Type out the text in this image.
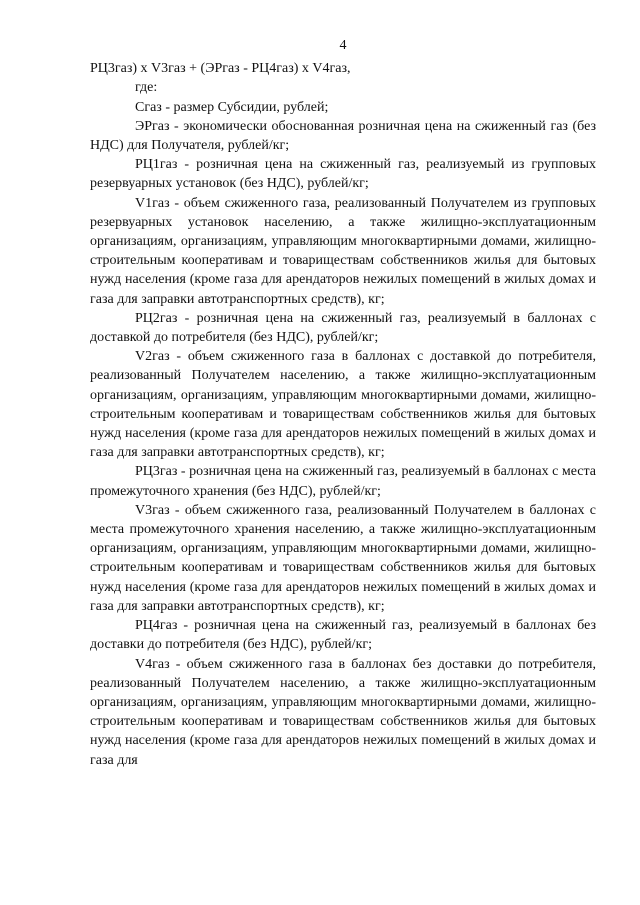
4

РЦ3газ) х V3газ + (ЭРгаз - РЦ4газ) х V4газ,

где:

Сгаз - размер Субсидии, рублей;

ЭРгаз - экономически обоснованная розничная цена на сжиженный газ (без НДС) для Получателя, рублей/кг;

РЦ1газ - розничная цена на сжиженный газ, реализуемый из групповых резервуарных установок (без НДС), рублей/кг;

V1газ - объем сжиженного газа, реализованный Получателем из групповых резервуарных установок населению, а также жилищно-эксплуатационным организациям, организациям, управляющим многоквартирными домами, жилищно-строительным кооперативам и товариществам собственников жилья для бытовых нужд населения (кроме газа для арендаторов нежилых помещений в жилых домах и газа для заправки автотранспортных средств), кг;

РЦ2газ - розничная цена на сжиженный газ, реализуемый в баллонах с доставкой до потребителя (без НДС), рублей/кг;

V2газ - объем сжиженного газа в баллонах с доставкой до потребителя, реализованный Получателем населению, а также жилищно-эксплуатационным организациям, организациям, управляющим многоквартирными домами, жилищно-строительным кооперативам и товариществам собственников жилья для бытовых нужд населения (кроме газа для арендаторов нежилых помещений в жилых домах и газа для заправки автотранспортных средств), кг;

РЦ3газ - розничная цена на сжиженный газ, реализуемый в баллонах с места промежуточного хранения (без НДС), рублей/кг;

V3газ - объем сжиженного газа, реализованный Получателем в баллонах с места промежуточного хранения населению, а также жилищно-эксплуатационным организациям, организациям, управляющим многоквартирными домами, жилищно-строительным кооперативам и товариществам собственников жилья для бытовых нужд населения (кроме газа для арендаторов нежилых помещений в жилых домах и газа для заправки автотранспортных средств), кг;

РЦ4газ - розничная цена на сжиженный газ, реализуемый в баллонах без доставки до потребителя (без НДС), рублей/кг;

V4газ - объем сжиженного газа в баллонах без доставки до потребителя, реализованный Получателем населению, а также жилищно-эксплуатационным организациям, организациям, управляющим многоквартирными домами, жилищно-строительным кооперативам и товариществам собственников жилья для бытовых нужд населения (кроме газа для арендаторов нежилых помещений в жилых домах и газа для
